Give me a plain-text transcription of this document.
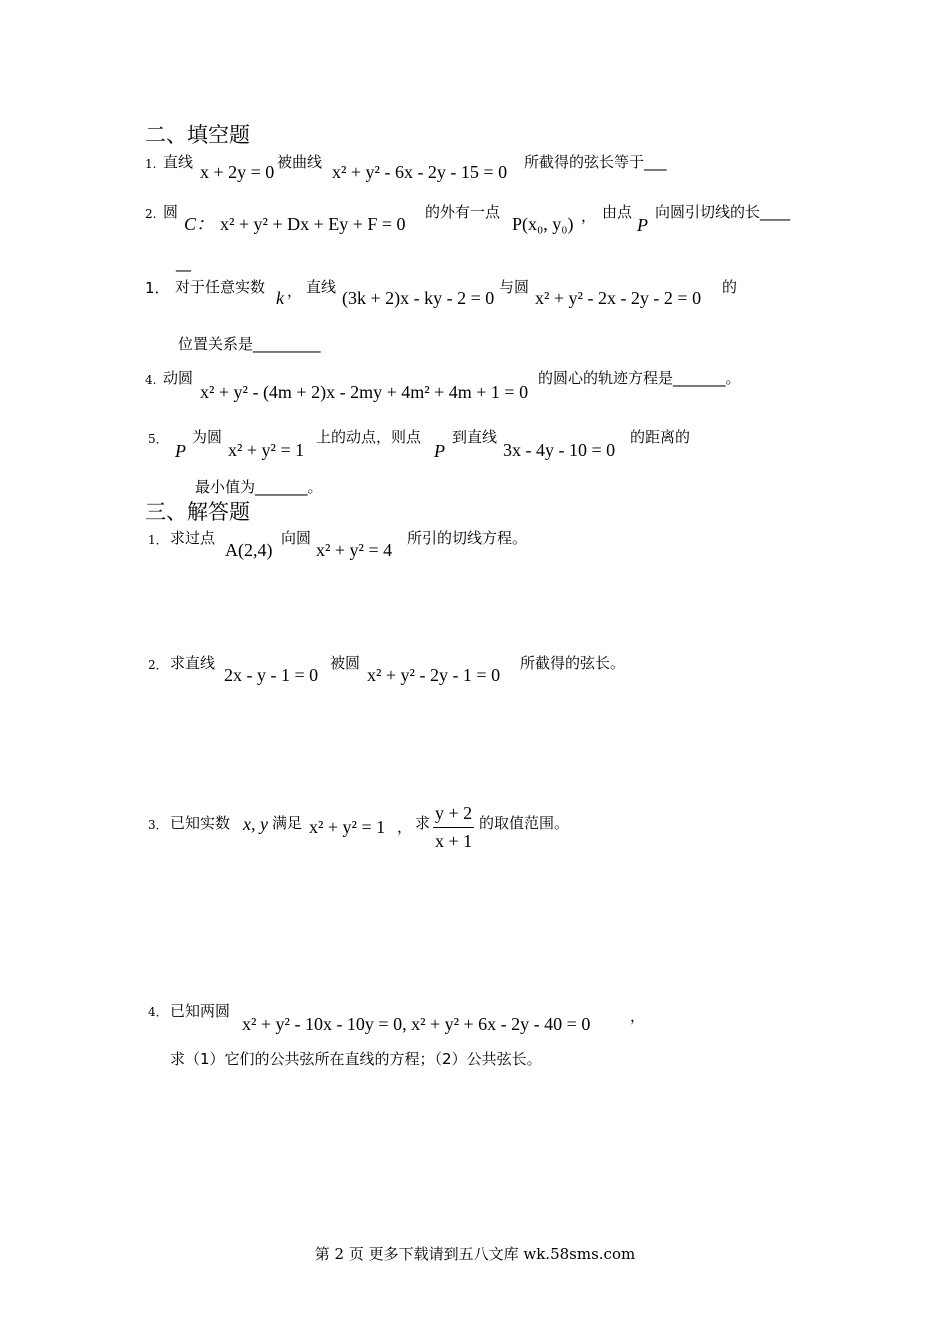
二、填空题
1. 直线 x + 2y = 0 被曲线 x² + y² - 6x - 2y - 15 = 0 所截得的弦长等于___
2. 圆
C： x² + y² + Dx + Ey + F = 0
的外有一点
P(x₀, y₀) ， 由点
P
向圆引切线的长____
__
1． 对于任意实数
k ， 直线
(3k + 2)x - ky - 2 = 0
与圆
x² + y² - 2x - 2y - 2 = 0
的
位置关系是_________
4. 动圆
x² + y² - (4m + 2)x - 2my + 4m² + 4m + 1 = 0
的圆心的轨迹方程是_______。
5．
P
为圆
x² + y² = 1
上的动点，则点
P
到直线
3x - 4y - 10 = 0
的距离的
最小值为_______。
三、解答题
1． 求过点
A(2,4)
向圆
x² + y² = 4
所引的切线方程。
2． 求直线
2x - y - 1 = 0
被圆
x² + y² - 2y - 1 = 0
所截得的弦长。
3． 已知实数 x, y 满足 x² + y² = 1 ， 求 y + 2
x + 1
的取值范围。
4． 已知两圆
x² + y² - 10x - 10y = 0, x² + y² + 6x - 2y - 40 = 0	，
求（1）它们的公共弦所在直线的方程；（2）公共弦长。
第 2 页 更多下载请到五八文库 wk.58sms.com
